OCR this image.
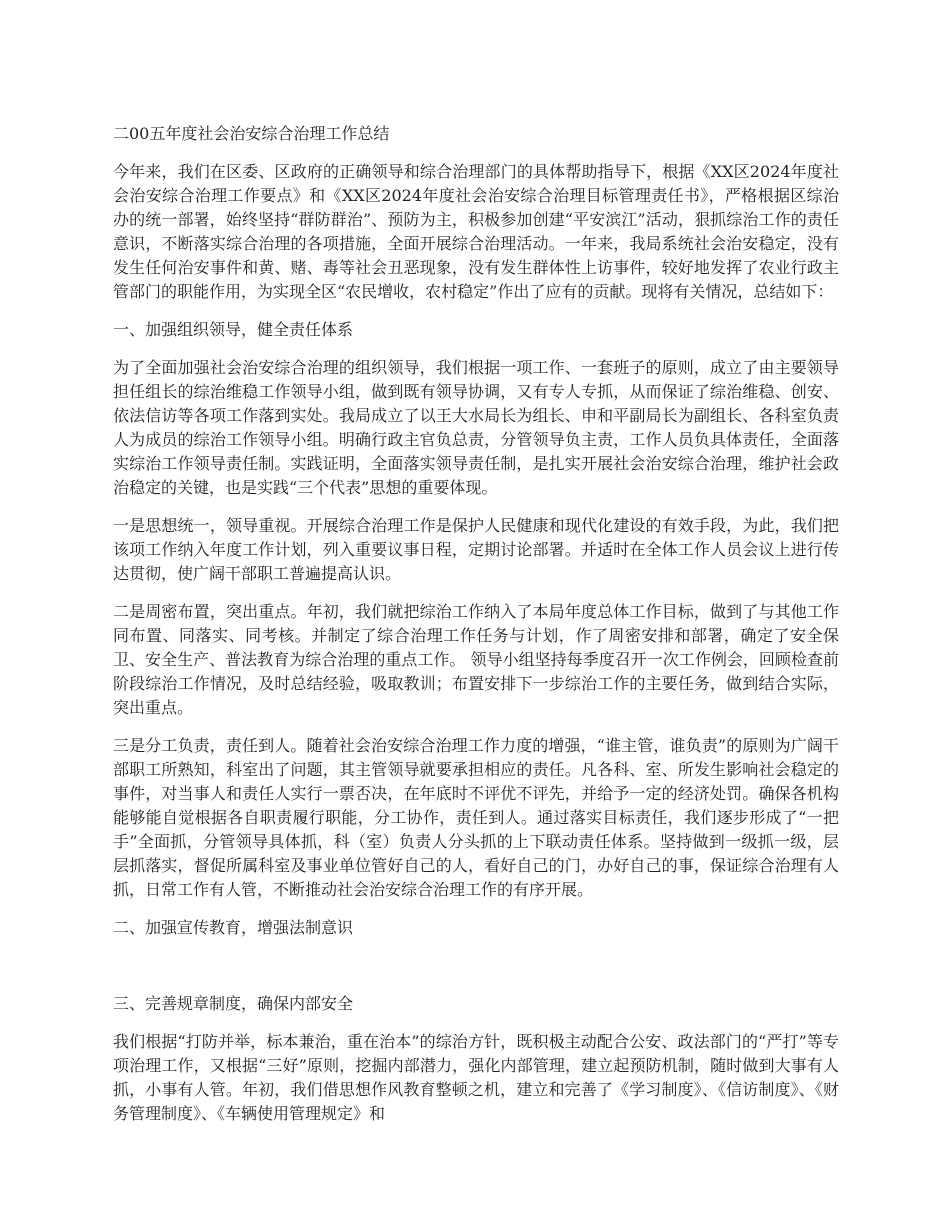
二00五年度社会治安综合治理工作总结

今年来，我们在区委、区政府的正确领导和综合治理部门的具体帮助指导下，根据《XX区2024年度社会治安综合治理工作要点》和《XX区2024年度社会治安综合治理目标管理责任书》，严格根据区综治办的统一部署，始终坚持“群防群治”、预防为主，积极参加创建“平安滨江”活动，狠抓综治工作的责任意识，不断落实综合治理的各项措施，全面开展综合治理活动。一年来，我局系统社会治安稳定，没有发生任何治安事件和黄、赌、毒等社会丑恶现象，没有发生群体性上访事件，较好地发挥了农业行政主管部门的职能作用，为实现全区“农民增收，农村稳定”作出了应有的贡献。现将有关情况，总结如下：

一、加强组织领导，健全责任体系

为了全面加强社会治安综合治理的组织领导，我们根据一项工作、一套班子的原则，成立了由主要领导担任组长的综治维稳工作领导小组，做到既有领导协调，又有专人专抓，从而保证了综治维稳、创安、依法信访等各项工作落到实处。我局成立了以王大水局长为组长、申和平副局长为副组长、各科室负责人为成员的综治工作领导小组。明确行政主官负总责，分管领导负主责，工作人员负具体责任，全面落实综治工作领导责任制。实践证明，全面落实领导责任制，是扎实开展社会治安综合治理，维护社会政治稳定的关键，也是实践“三个代表”思想的重要体现。

一是思想统一，领导重视。开展综合治理工作是保护人民健康和现代化建设的有效手段，为此，我们把该项工作纳入年度工作计划，列入重要议事日程，定期讨论部署。并适时在全体工作人员会议上进行传达贯彻，使广阔干部职工普遍提高认识。

二是周密布置，突出重点。年初，我们就把综治工作纳入了本局年度总体工作目标，做到了与其他工作同布置、同落实、同考核。并制定了综合治理工作任务与计划，作了周密安排和部署，确定了安全保卫、安全生产、普法教育为综合治理的重点工作。 领导小组坚持每季度召开一次工作例会，回顾检查前阶段综治工作情况，及时总结经验，吸取教训；布置安排下一步综治工作的主要任务，做到结合实际，突出重点。

三是分工负责，责任到人。随着社会治安综合治理工作力度的增强，“谁主管，谁负责”的原则为广阔干部职工所熟知，科室出了问题，其主管领导就要承担相应的责任。凡各科、室、所发生影响社会稳定的事件，对当事人和责任人实行一票否决，在年底时不评优不评先，并给予一定的经济处罚。确保各机构能够能自觉根据各自职责履行职能，分工协作，责任到人。通过落实目标责任，我们逐步形成了“一把手”全面抓，分管领导具体抓，科（室）负责人分头抓的上下联动责任体系。坚持做到一级抓一级，层层抓落实，督促所属科室及事业单位管好自己的人，看好自己的门，办好自己的事，保证综合治理有人抓，日常工作有人管，不断推动社会治安综合治理工作的有序开展。

二、加强宣传教育，增强法制意识

三、完善规章制度，确保内部安全

我们根据“打防并举，标本兼治，重在治本”的综治方针，既积极主动配合公安、政法部门的“严打”等专项治理工作，又根据“三好”原则，挖掘内部潜力，强化内部管理，建立起预防机制，随时做到大事有人抓，小事有人管。年初，我们借思想作风教育整顿之机，建立和完善了《学习制度》、《信访制度》、《财务管理制度》、《车辆使用管理规定》和
